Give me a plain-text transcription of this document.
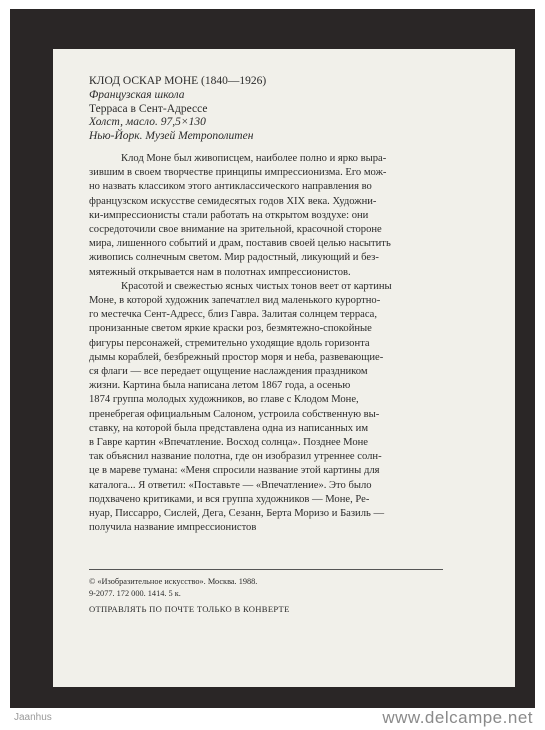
КЛОД ОСКАР МОНЕ (1840—1926)
Французская школа
Терраса в Сент-Адрессе
Холст, масло. 97,5×130
Нью-Йорк. Музей Метрополитен
Клод Моне был живописцем, наиболее полно и ярко выра-
зившим в своем творчестве принципы импрессионизма. Его мож-
но назвать классиком этого антиклассического направления во
французском искусстве семидесятых годов XIX века. Художни-
ки-импрессионисты стали работать на открытом воздухе: они
сосредоточили свое внимание на зрительной, красочной стороне
мира, лишенного событий и драм, поставив своей целью насытить
живопись солнечным светом. Мир радостный, ликующий и без-
мятежный открывается нам в полотнах импрессионистов.
Красотой и свежестью ясных чистых тонов веет от картины
Моне, в которой художник запечатлел вид маленького курортно-
го местечка Сент-Адресс, близ Гавра. Залитая солнцем терраса,
пронизанные светом яркие краски роз, безмятежно-спокойные
фигуры персонажей, стремительно уходящие вдоль горизонта
дымы кораблей, безбрежный простор моря и неба, развевающие-
ся флаги — все передает ощущение наслаждения праздником
жизни. Картина была написана летом 1867 года, а осенью
1874 группа молодых художников, во главе с Клодом Моне,
пренебрегая официальным Салоном, устроила собственную вы-
ставку, на которой была представлена одна из написанных им
в Гавре картин «Впечатление. Восход солнца». Позднее Моне
так объяснил название полотна, где он изобразил утреннее солн-
це в мареве тумана: «Меня спросили название этой картины для
каталога... Я ответил: «Поставьте — «Впечатление». Это было
подхвачено критиками, и вся группа художников — Моне, Ре-
нуар, Писсарро, Сислей, Дега, Сезанн, Берта Моризо и Базиль —
получила название импрессионистов
© «Изобразительное искусство». Москва. 1988.
9-2077. 172 000. 1414. 5 к.
ОТПРАВЛЯТЬ ПО ПОЧТЕ ТОЛЬКО В КОНВЕРТЕ
Jaanhus	www.delcampe.net
